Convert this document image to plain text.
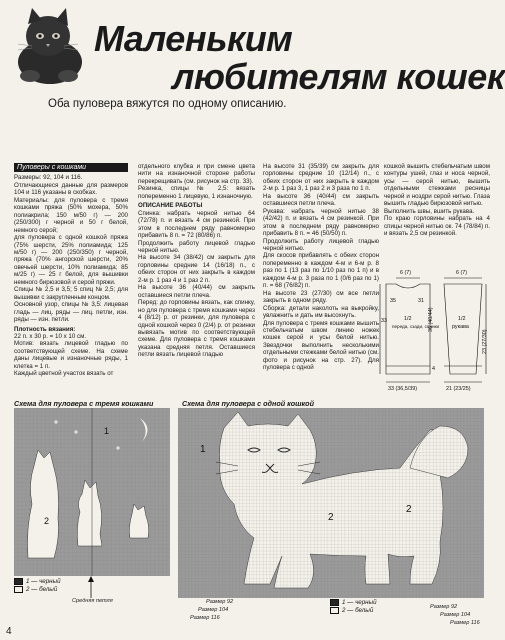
Маленьким
любителям кошек
Оба пуловера вяжутся по одному описанию.
Пуловеры с кошками

Размеры: 92, 104 и 116.

Отличающиеся данные для размеров 104 и 116 указаны в скобках.

Материалы: для пуловера с тремя кошками пряжа (50% мохера, 50% полиакрила; 150 м/50 г) — 200 (250/300) г черной и 50 г белой, немного серой;

для пуловера с одной кошкой пряжа (75% шерсти, 25% полиамида; 125 м/50 г) — 200 (250/350) г черной, пряжа (70% ангорской шерсти, 20% овечьей шерсти, 10% полиамида; 85 м/25 г) — 25 г белой, для вышивки немного бирюзовой и серой пряжи.

Спицы № 2,5 и 3,5; 5 спиц № 2,5; для вышивки с закругленным концом.

Основной узор, спицы № 3,5: лицевая гладь — лиц. ряды — лиц. петли, изн. ряды — изн. петли.

Плотность вязания:

22 п. х 30 р. = 10 х 10 см.

Мотив: вязать лицевой гладью по соответствующей схеме. На схеме даны лицевые и изнаночные ряды, 1 клетка = 1 п.

Каждый цветной участок вязать от

отдельного клубка и при смене цвета нити на изнаночной стороне работы перекрещивать (см. рисунок на стр. 33).

Резинка, спицы № 2,5: вязать попеременно 1 лицевую, 1 изнаночную.

ОПИСАНИЕ РАБОТЫ

Спинка: набрать черной нитью 64 (72/78) п. и вязать 4 см резинкой. При этом в последнем ряду равномерно прибавить 8 п. = 72 (80/86) п.

Продолжить работу лицевой гладью черной нитью.

На высоте 34 (38/42) см закрыть для горловины средние 14 (16/18) п., с обеих сторон от них закрыть в каждом 2-м р. 1 раз 4 и 1 раз 2 п.

На высоте 36 (40/44) см закрыть оставшиеся петли плеча.

Перед: до горловины вязать, как спинку, но для пуловера с тремя кошками через 4 (8/12) р. от резинки, для пуловера с одной кошкой через 0 (2/4) р. от резинки вывязать мотив по соответствующей схеме. Для пуловера с тремя кошками указана средняя петля. Оставшиеся петли вязать лицевой гладью

На высоте 31 (35/39) см закрыть для горловины средние 10 (12/14) п., с обеих сторон от них закрыть в каждом 2-м р. 1 раз 3, 1 раз 2 и 3 раза по 1 п.

На высоте 36 (40/44) см закрыть оставшиеся петли плеча.

Рукава: набрать черной нитью 38 (42/42) п. и вязать 4 см резинкой. При этом в последнем ряду равномерно прибавить 8 п. = 46 (50/50) п.

Продолжить работу лицевой гладью черной нитью.

Для скосов прибавлять с обеих сторон попеременно в каждом 4-м и 6-м р. 8 раз по 1 (13 раз по 1/10 раз по 1 п) и в каждом 4-м р. 3 раза по 1 (0/6 раз по 1) п. = 68 (76/82) п.

На высоте 23 (27/30) см все петли закрыть в одном ряду.

Сборка: детали наколоть на выкройку, увлажнить и дать им высохнуть.

Для пуловера с тремя кошками вышить стебельчатым швом линию ножек кошек серой и усы белой нитью. Звездочки выполнить несколькими отдельными стежками белой нитью (см. фото и рисунок на стр. 27). Для пуловера с одной

кошкой вышить стебельчатым швом контуры ушей, глаз и носа черной, усы — серой нитью, вышить отдельными стежками ресницы черной и ноздри серой нитью. Глаза вышить гладью бирюзовой нитью.

Выполнить швы, вшить рукава.

По краю горловины набрать на 4 спицы черной нитью ок. 74 (78/84) п. и вязать 2,5 см резинкой.

6 (7)	6 (7)
1/2
переда, сзади, спинки
1/2
рукава
33 (36,5/39)	21 (23/25)
36 (40/44)
23 (27/30)
4
33
35	31
Схема для пуловера с тремя кошками	Схема для пуловера с одной кошкой
1
2
1 — черный
2 — белый
Средняя петля
1
2
2
Размер 92
Размер 104
Размер 116
Размер 92
Размер 104
Размер 116
1 — черный
2 — белый
4
